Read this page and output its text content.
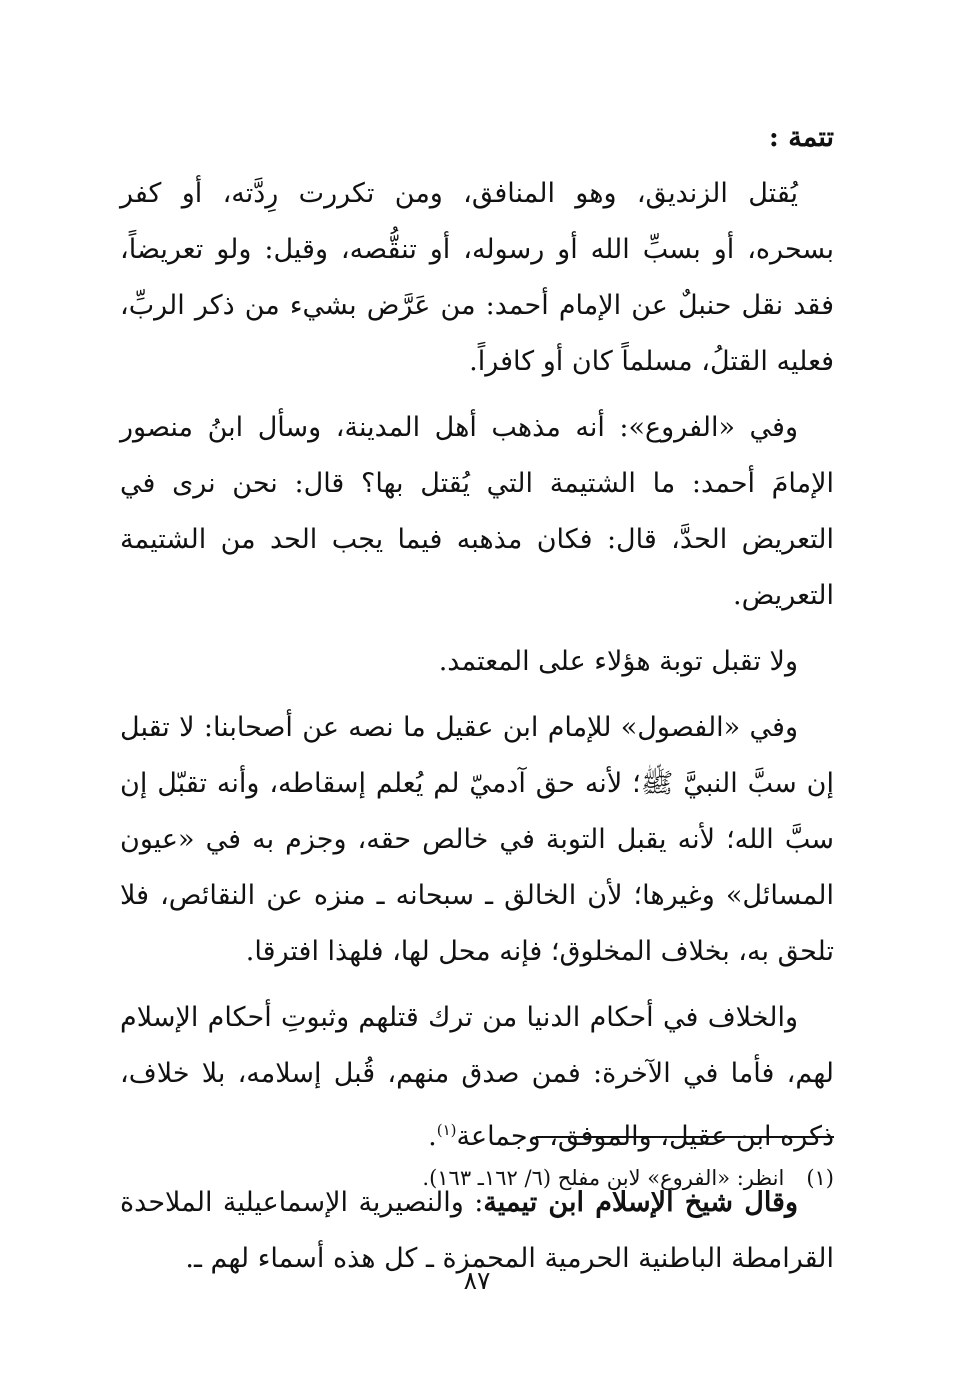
تتمة :

يُقتل الزنديق، وهو المنافق، ومن تكررت رِدَّته، أو كفر بسحره، أو بسبِّ الله أو رسوله، أو تنقُّصه، وقيل: ولو تعريضاً، فقد نقل حنبلٌ عن الإمام أحمد: من عَرَّض بشيء من ذكر الربِّ، فعليه القتلُ، مسلماً كان أو كافراً.

وفي «الفروع»: أنه مذهب أهل المدينة، وسأل ابنُ منصور الإمامَ أحمد: ما الشتيمة التي يُقتل بها؟ قال: نحن نرى في التعريض الحدَّ، قال: فكان مذهبه فيما يجب الحد من الشتيمة التعريض.

ولا تقبل توبة هؤلاء على المعتمد.

وفي «الفصول» للإمام ابن عقيل ما نصه عن أصحابنا: لا تقبل إن سبَّ النبيَّ ﷺ؛ لأنه حق آدميّ لم يُعلم إسقاطه، وأنه تقبّل إن سبَّ الله؛ لأنه يقبل التوبة في خالص حقه، وجزم به في «عيون المسائل» وغيرها؛ لأن الخالق ـ سبحانه ـ منزه عن النقائص، فلا تلحق به، بخلاف المخلوق؛ فإنه محل لها، فلهذا افترقا.

والخلاف في أحكام الدنيا من ترك قتلهم وثبوتِ أحكام الإسلام لهم، فأما في الآخرة: فمن صدق منهم، قُبل إسلامه، بلا خلاف، ذكره ابن عقيل، والموفق، وجماعة$^{(١)}$.

وقال شيخ الإسلام ابن تيمية: والنصيرية الإسماعيلية الملاحدة القرامطة الباطنية الحرمية المحمزة ـ كل هذه أسماء لهم ـ.

(١)انظر: «الفروع» لابن مفلح (٦/ ١٦٢ـ ١٦٣).
٨٧
